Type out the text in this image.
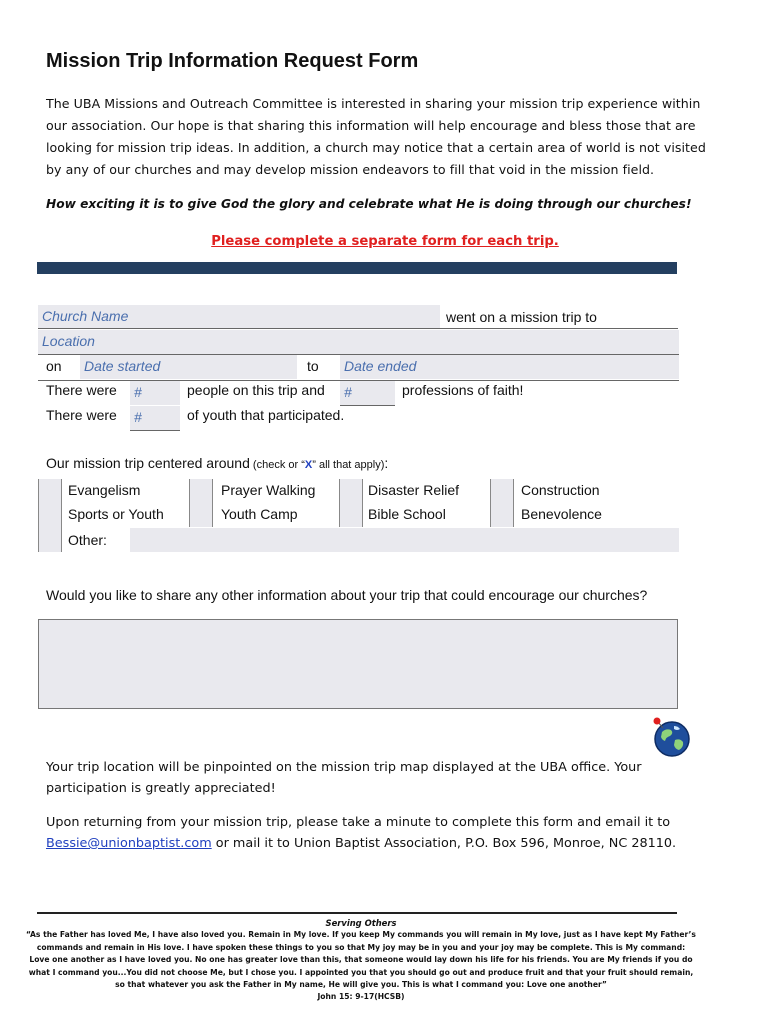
Mission Trip Information Request Form
The UBA Missions and Outreach Committee is interested in sharing your mission trip experience within our association. Our hope is that sharing this information will help encourage and bless those that are looking for mission trip ideas. In addition, a church may notice that a certain area of world is not visited by any of our churches and may develop mission endeavors to fill that void in the mission field.
How exciting it is to give God the glory and celebrate what He is doing through our churches!
Please complete a separate form for each trip.
Church Name	went on a mission trip to
Location
on Date started	to Date ended
There were #	people on this trip and #	professions of faith!
There were #	of youth that participated.
Our mission trip centered around (check or “X” all that apply):
Evangelism	Prayer Walking	Disaster Relief	Construction
Sports or Youth	Youth Camp	Bible School	Benevolence
Other:
Would you like to share any other information about your trip that could encourage our churches?
Your trip location will be pinpointed on the mission trip map displayed at the UBA office. Your participation is greatly appreciated!
Upon returning from your mission trip, please take a minute to complete this form and email it to
Bessie@unionbaptist.com or mail it to Union Baptist Association, P.O. Box 596, Monroe, NC 28110.
Serving Others
“As the Father has loved Me, I have also loved you. Remain in My love. If you keep My commands you will remain in My love, just as I have kept My Father’s commands and remain in His love. I have spoken these things to you so that My joy may be in you and your joy may be complete. This is My command: Love one another as I have loved you. No one has greater love than this, that someone would lay down his life for his friends. You are My friends if you do what I command you...You did not choose Me, but I chose you. I appointed you that you should go out and produce fruit and that your fruit should remain, so that whatever you ask the Father in My name, He will give you. This is what I command you: Love one another”
John 15: 9-17(HCSB)
